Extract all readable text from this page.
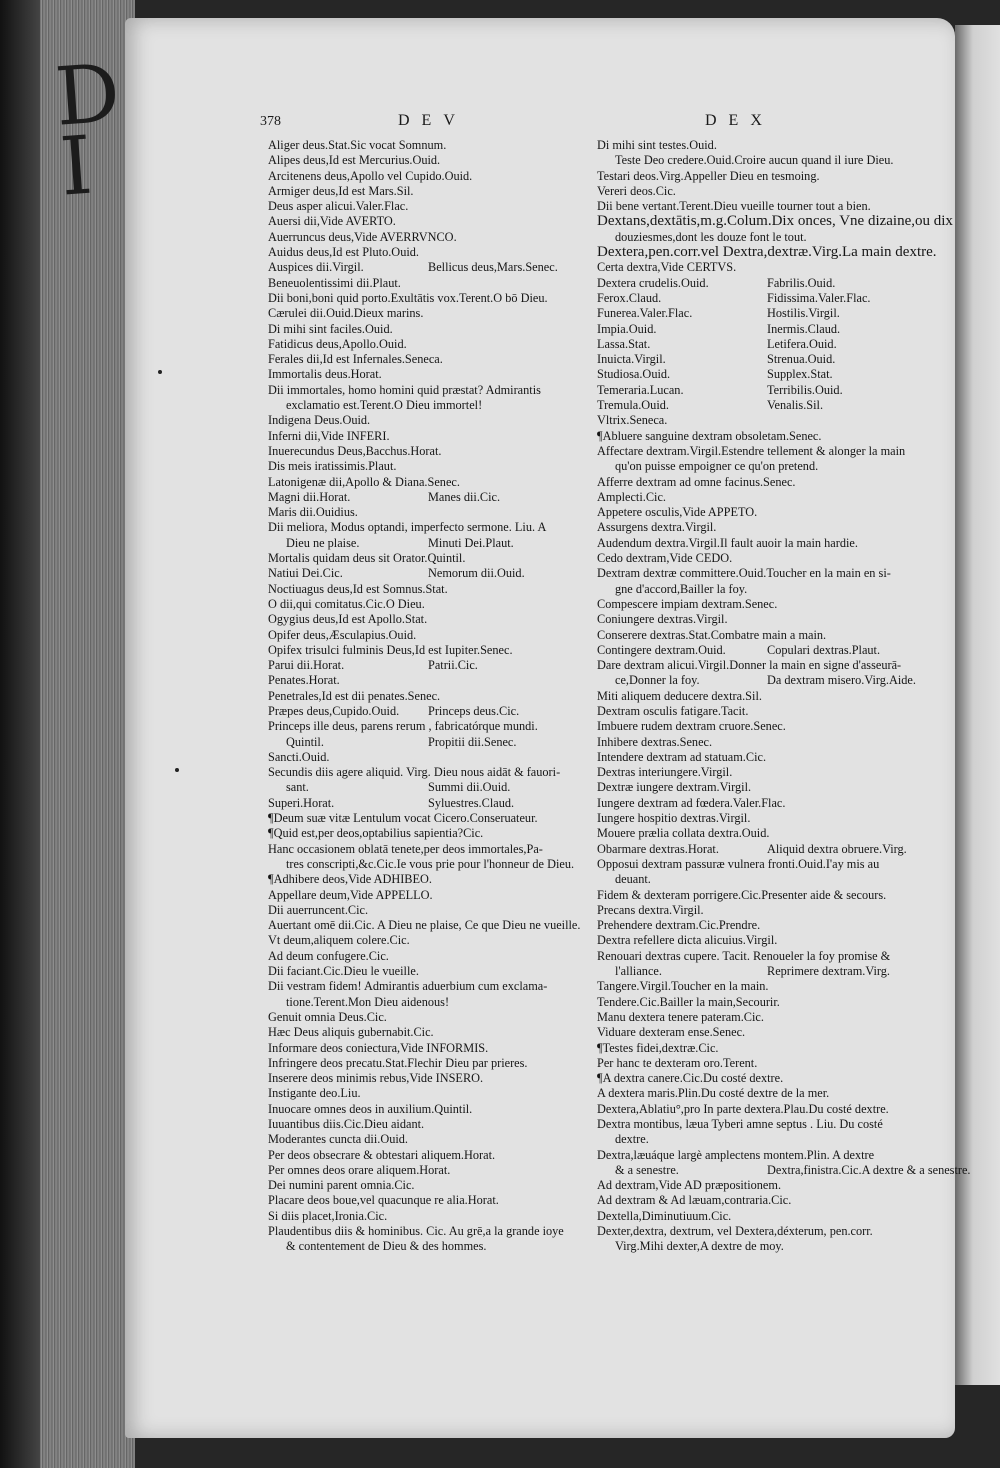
D
I	378	DEV	DEX
Aliger deus.Stat.Sic vocat Somnum.
Alipes deus,Id est Mercurius.Ouid.
Arcitenens deus,Apollo vel Cupido.Ouid.
Armiger deus,Id est Mars.Sil.
Deus asper alicui.Valer.Flac.
Auersi dii,Vide AVERTO.
Auerruncus deus,Vide AVERRVNCO.
Auidus deus,Id est Pluto.Ouid.
Auspices dii.Virgil.	Bellicus deus,Mars.Senec.
Beneuolentissimi dii.Plaut.
Dii boni,boni quid porto.Exultātis vox.Terent.O bō Dieu.
Cærulei dii.Ouid.Dieux marins.
Di mihi sint faciles.Ouid.
Fatidicus deus,Apollo.Ouid.
Ferales dii,Id est Infernales.Seneca.
Immortalis deus.Horat.
Dii immortales, homo homini quid præstat? Admirantis
exclamatio est.Terent.O Dieu immortel!
Indigena Deus.Ouid.
Inferni dii,Vide INFERI.
Inuerecundus Deus,Bacchus.Horat.
Dis meis iratissimis.Plaut.
Latonigenæ dii,Apollo & Diana.Senec.
Magni dii.Horat.	Manes dii.Cic.
Maris dii.Ouidius.
Dii meliora, Modus optandi, imperfecto sermone. Liu. A
Dieu ne plaise.	Minuti Dei.Plaut.
Mortalis quidam deus sit Orator.Quintil.
Natiui Dei.Cic.	Nemorum dii.Ouid.
Noctiuagus deus,Id est Somnus.Stat.
O dii,qui comitatus.Cic.O Dieu.
Ogygius deus,Id est Apollo.Stat.
Opifer deus,Æsculapius.Ouid.
Opifex trisulci fulminis Deus,Id est Iupiter.Senec.
Parui dii.Horat.	Patrii.Cic.
Penates.Horat.
Penetrales,Id est dii penates.Senec.
Præpes deus,Cupido.Ouid. Princeps deus.Cic.
Princeps ille deus, parens rerum , fabricatórque mundi.
Quintil.	Propitii dii.Senec.
Sancti.Ouid.
Secundis diis agere aliquid. Virg. Dieu nous aidāt & fauori-
sant.	Summi dii.Ouid.
Superi.Horat.	Syluestres.Claud.
¶Deum suæ vitæ Lentulum vocat Cicero.Conseruateur.
¶Quid est,per deos,optabilius sapientia?Cic.
Hanc occasionem oblatā tenete,per deos immortales,Pa-
tres conscripti,&c.Cic.Ie vous prie pour l'honneur de Dieu.
¶Adhibere deos,Vide ADHIBEO.
Appellare deum,Vide APPELLO.
Dii auerruncent.Cic.
Auertant omē dii.Cic. A Dieu ne plaise, Ce que Dieu ne vueille.
Vt deum,aliquem colere.Cic.
Ad deum confugere.Cic.
Dii faciant.Cic.Dieu le vueille.
Dii vestram fidem! Admirantis aduerbium cum exclama-
tione.Terent.Mon Dieu aidenous!
Genuit omnia Deus.Cic.
Hæc Deus aliquis gubernabit.Cic.
Informare deos coniectura,Vide INFORMIS.
Infringere deos precatu.Stat.Flechir Dieu par prieres.
Inserere deos minimis rebus,Vide INSERO.
Instigante deo.Liu.
Inuocare omnes deos in auxilium.Quintil.
Iuuantibus diis.Cic.Dieu aidant.
Moderantes cuncta dii.Ouid.
Per deos obsecrare & obtestari aliquem.Horat.
Per omnes deos orare aliquem.Horat.
Dei numini parent omnia.Cic.
Placare deos boue,vel quacunque re alia.Horat.
Si diis placet,Ironia.Cic.
Plaudentibus diis & hominibus. Cic. Au grē,a la grande ioye
& contentement de Dieu & des hommes.
Di mihi sint testes.Ouid.
Teste Deo credere.Ouid.Croire aucun quand il iure Dieu.
Testari deos.Virg.Appeller Dieu en tesmoing.
Vereri deos.Cic.
Dii bene vertant.Terent.Dieu vueille tourner tout a bien.
Dextans,dextātis,m.g.Colum.Dix onces, Vne dizaine,ou dix
douziesmes,dont les douze font le tout.
Dextera,pen.corr.vel Dextra,dextræ.Virg.La main dextre.
Certa dextra,Vide CERTVS.
Dextera crudelis.Ouid.	Fabrilis.Ouid.
Ferox.Claud.	Fidissima.Valer.Flac.
Funerea.Valer.Flac.	Hostilis.Virgil.
Impia.Ouid.	Inermis.Claud.
Lassa.Stat.	Letifera.Ouid.
Inuicta.Virgil.	Strenua.Ouid.
Studiosa.Ouid.	Supplex.Stat.
Temeraria.Lucan.	Terribilis.Ouid.
Tremula.Ouid.	Venalis.Sil.
Vltrix.Seneca.
¶Abluere sanguine dextram obsoletam.Senec.
Affectare dextram.Virgil.Estendre tellement & alonger la main
qu'on puisse empoigner ce qu'on pretend.
Afferre dextram ad omne facinus.Senec.
Amplecti.Cic.
Appetere osculis,Vide APPETO.
Assurgens dextra.Virgil.
Audendum dextra.Virgil.Il fault auoir la main hardie.
Cedo dextram,Vide CEDO.
Dextram dextræ committere.Ouid.Toucher en la main en si-
gne d'accord,Bailler la foy.
Compescere impiam dextram.Senec.
Coniungere dextras.Virgil.
Conserere dextras.Stat.Combatre main a main.
Contingere dextram.Ouid.	Copulari dextras.Plaut.
Dare dextram alicui.Virgil.Donner la main en signe d'asseurā-
ce,Donner la foy.	Da dextram misero.Virg.Aide.
Miti aliquem deducere dextra.Sil.
Dextram osculis fatigare.Tacit.
Imbuere rudem dextram cruore.Senec.
Inhibere dextras.Senec.
Intendere dextram ad statuam.Cic.
Dextras interiungere.Virgil.
Dextræ iungere dextram.Virgil.
Iungere dextram ad fœdera.Valer.Flac.
Iungere hospitio dextras.Virgil.
Mouere prælia collata dextra.Ouid.
Obarmare dextras.Horat.	Aliquid dextra obruere.Virg.
Opposui dextram passuræ vulnera fronti.Ouid.I'ay mis au
deuant.
Fidem & dexteram porrigere.Cic.Presenter aide & secours.
Precans dextra.Virgil.
Prehendere dextram.Cic.Prendre.
Dextra refellere dicta alicuius.Virgil.
Renouari dextras cupere. Tacit. Renoueler la foy promise &
l'alliance.	Reprimere dextram.Virg.
Tangere.Virgil.Toucher en la main.
Tendere.Cic.Bailler la main,Secourir.
Manu dextera tenere pateram.Cic.
Viduare dexteram ense.Senec.
¶Testes fidei,dextræ.Cic.
Per hanc te dexteram oro.Terent.
¶A dextra canere.Cic.Du costé dextre.
A dextera maris.Plin.Du costé dextre de la mer.
Dextera,Ablatiu°,pro In parte dextera.Plau.Du costé dextre.
Dextra montibus, læua Tyberi amne septus . Liu. Du costé
dextre.
Dextra,læuáque largè amplectens montem.Plin. A dextre
& a senestre.	Dextra,finistra.Cic.A dextre & a senestre.
Ad dextram,Vide AD præpositionem.
Ad dextram & Ad læuam,contraria.Cic.
Dextella,Diminutiuum.Cic.
Dexter,dextra, dextrum, vel Dextera,déxterum, pen.corr.
Virg.Mihi dexter,A dextre de moy.
